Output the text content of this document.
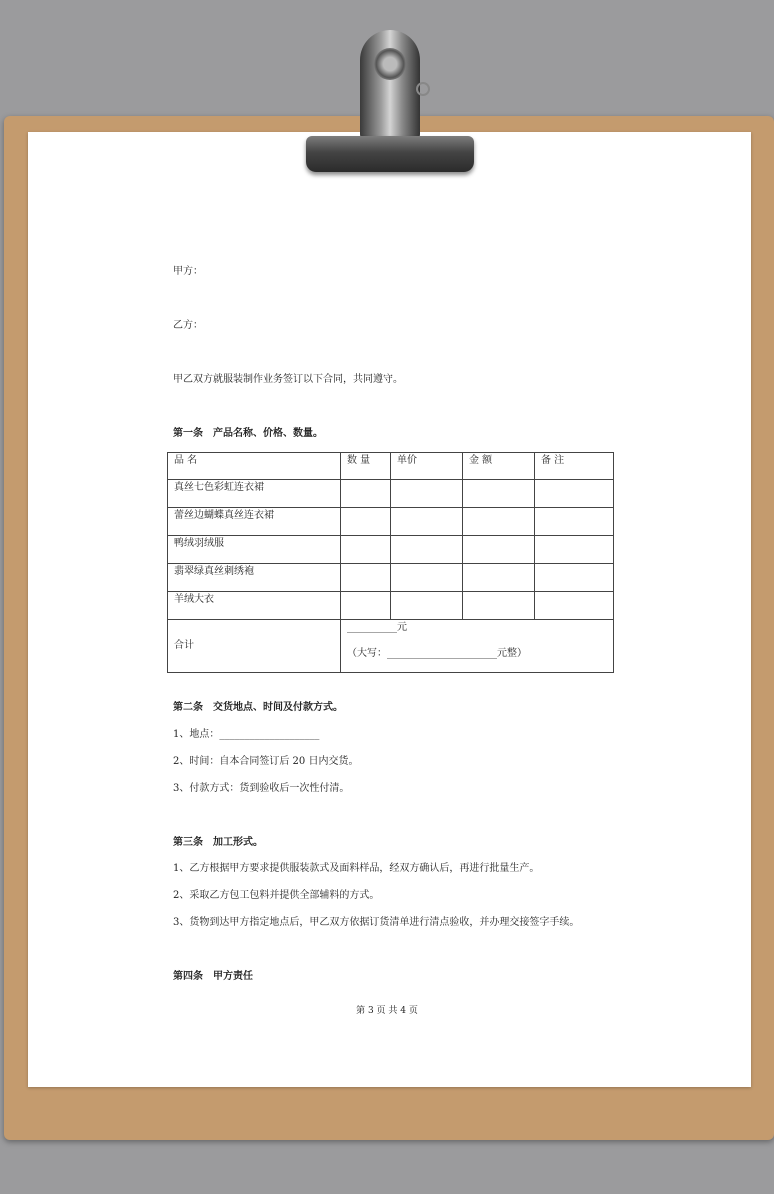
甲方：
乙方：
甲乙双方就服装制作业务签订以下合同，共同遵守。
第一条　产品名称、价格、数量。
品 名	数 量	单价	金 额	备 注
真丝七色彩虹连衣裙				
蕾丝边蝴蝶真丝连衣裙				
鸭绒羽绒服				
翡翠绿真丝刺绣袍				
羊绒大衣				
合计	__________元
（大写：______________________元整）			
第二条　交货地点、时间及付款方式。
1、地点：____________________
2、时间：自本合同签订后 20 日内交货。
3、付款方式：货到验收后一次性付清。
第三条　加工形式。
1、乙方根据甲方要求提供服装款式及面料样品，经双方确认后，再进行批量生产。
2、采取乙方包工包料并提供全部辅料的方式。
3、货物到达甲方指定地点后，甲乙双方依据订货清单进行清点验收，并办理交接签字手续。
第四条　甲方责任
第 3 页 共 4 页
